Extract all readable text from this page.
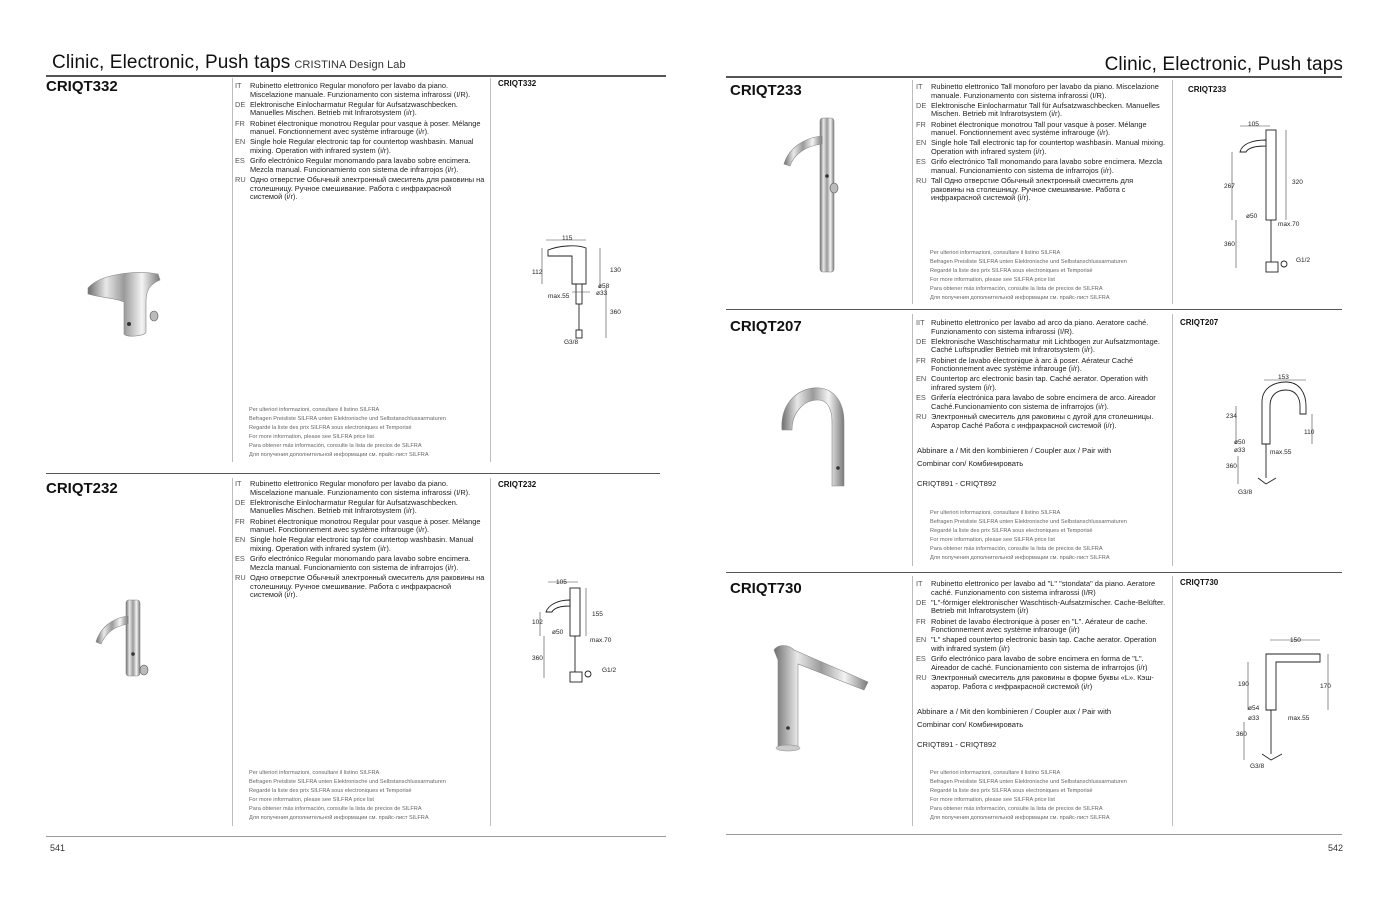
Clinic, Electronic, Push taps CRISTINA Design Lab
CRIQT332	IT	Rubinetto elettronico Regular monoforo per lavabo da piano. Miscelazione manuale. Funzionamento con sistema infrarossi (I/R).
DE Elektronische Einlocharmatur Regular für Aufsatzwaschbecken. Manuelles Mischen. Betrieb mit Infrarotsystem (i/r).
FR Robinet électronique monotrou Regular pour vasque à poser. Mélange manuel. Fonctionnement avec système infrarouge (i/r).
EN Single hole Regular electronic tap for countertop washbasin. Manual mixing. Operation with infrared system (i/r).
ES Grifo electrónico Regular monomando para lavabo sobre encimera. Mezcla manual. Funcionamiento con sistema de infrarrojos (i/r).
RU Одно отверстие Обычный электронный смеситель для раковины на столешницу. Ручное смешивание. Работа с инфракрасной системой (i/r).
CRIQT332
Per ulteriori informazioni, consultare il listino SILFRA
Befragen Preisliste SILFRA unten Elektronische und Selbstanschlussarmaturen
Regardé la liste des prix SILFRA sous electroniques et Temporisé
For more information, please see SILFRA price list
Para obtener más información, consulte la lista de precios de SILFRA
Для получения дополнительной информации см. прайс-лист SILFRA
115
112	130
ø58
ø33
max.55
360
G3/8
CRIQT232	IT	Rubinetto elettronico Regular monoforo per lavabo da piano. Miscelazione manuale. Funzionamento con sistema infrarossi (I/R).
DE Elektronische Einlocharmatur Regular für Aufsatzwaschbecken. Manuelles Mischen. Betrieb mit Infrarotsystem (i/r).
FR Robinet électronique monotrou Regular pour vasque à poser. Mélange manuel. Fonctionnement avec système infrarouge (i/r).
EN Single hole Regular electronic tap for countertop washbasin. Manual mixing. Operation with infrared system (i/r).
ES Grifo electrónico Regular monomando para lavabo sobre encimera. Mezcla manual. Funcionamiento con sistema de infrarrojos (i/r).
RU Одно отверстие Обычный электронный смеситель для раковины на столешницу. Ручное смешивание. Работа с инфракрасной системой (i/r).
CRIQT232
Per ulteriori informazioni, consultare il listino SILFRA
Befragen Preisliste SILFRA unten Elektronische und Selbstanschlussarmaturen
Regardé la liste des prix SILFRA sous electroniques et Temporisé
For more information, please see SILFRA price list
Para obtener más información, consulte la lista de precios de SILFRA
Для получения дополнительной информации см. прайс-лист SILFRA
105
155
102
ø50
max.70
360
G1/2
541
Clinic, Electronic, Push taps
CRIQT233	IT	Rubinetto elettronico Tall monoforo per lavabo da piano. Miscelazione manuale. Funzionamento con sistema infrarossi (I/R).
DE Elektronische Einlocharmatur Tall für Aufsatzwaschbecken. Manuelles Mischen. Betrieb mit Infrarotsystem (i/r).
FR Robinet électronique monotrou Tall pour vasque à poser. Mélange manuel. Fonctionnement avec système infrarouge (i/r).
EN Single hole Tall electronic tap for countertop washbasin. Manual mixing. Operation with infrared system (i/r).
ES Grifo electrónico Tall monomando para lavabo sobre encimera. Mezcla manual. Funcionamiento con sistema de infrarrojos (i/r).
RU Tall Одно отверстие Обычный электронный смеситель для раковины на столешницу. Ручное смешивание. Работа с инфракрасной системой (i/r).
CRIQT233
Per ulteriori informazioni, consultare il listino SILFRA
Befragen Preisliste SILFRA unten Elektronische und Selbstanschlussarmaturen
Regardé la liste des prix SILFRA sous electroniques et Temporisé
For more information, please see SILFRA price list
Para obtener más información, consulte la lista de precios de SILFRA
Для получения дополнительной информации см. прайс-лист SILFRA
105
267
320
ø50
max.70
360
G1/2
CRIQT207	IIT Rubinetto elettronico per lavabo ad arco da piano. Aeratore caché. Funzionamento con sistema infrarossi (I/R).
DE Elektronische Waschtischarmatur mit Lichtbogen zur Aufsatzmontage. Caché Luftsprudler Betrieb mit Infrarotsystem (i/r).
FR Robinet de lavabo électronique à arc à poser. Aérateur Caché Fonctionnement avec système infrarouge (i/r).
EN Countertop arc electronic basin tap. Caché aerator. Operation with infrared system (i/r).
ES Grifería electrónica para lavabo de sobre encimera de arco. Aireador Caché.Funcionamiento con sistema de infrarrojos (i/r).
RU Электронный смеситель для раковины с дугой для столешницы. Аэратор Caché Работа с инфракрасной системой (i/r).
Abbinare a / Mit den kombinieren / Coupler aux / Pair with Combinar con/ Комбинировать
CRIQT891 - CRIQT892
CRIQT207
Per ulteriori informazioni, consultare il listino SILFRA
Befragen Preisliste SILFRA unten Elektronische und Selbstanschlussarmaturen
Regardé la liste des prix SILFRA sous electroniques et Temporisé
For more information, please see SILFRA price list
Para obtener más información, consulte la lista de precios de SILFRA
Для получения дополнительной информации см. прайс-лист SILFRA
153
234
110
ø50
ø33	max.55
360
G3/8
CRIQT730	IT	Rubinetto elettronico per lavabo ad "L" "stondata" da piano. Aeratore caché. Funzionamento con sistema infrarossi (I/R)
DE "L"-förmiger elektronischer Waschtisch-Aufsatzmischer. Cache-Belüfter. Betrieb mit Infrarotsystem (i/r)
FR Robinet de lavabo électronique à poser en "L". Aérateur de cache. Fonctionnement avec système infrarouge (i/r)
EN "L" shaped countertop electronic basin tap. Cache aerator. Operation with infrared system (i/r)
ES Grifo electrónico para lavabo de sobre encimera en forma de "L". Aireador de caché. Funcionamiento con sistema de infrarrojos (i/r)
RU Электронный смеситель для раковины в форме буквы «L». Кэш-аэратор. Работа с инфракрасной системой (i/r)
Abbinare a / Mit den kombinieren / Coupler aux / Pair with Combinar con/ Комбинировать
CRIQT891 - CRIQT892
CRIQT730
Per ulteriori informazioni, consultare il listino SILFRA
Befragen Preisliste SILFRA unten Elektronische und Selbstanschlussarmaturen
Regardé la liste des prix SILFRA sous electroniques et Temporisé
For more information, please see SILFRA price list
Para obtener más información, consulte la lista de precios de SILFRA
Для получения дополнительной информации см. прайс-лист SILFRA
150
190	170
ø54
ø33	max.55
360
G3/8
542
